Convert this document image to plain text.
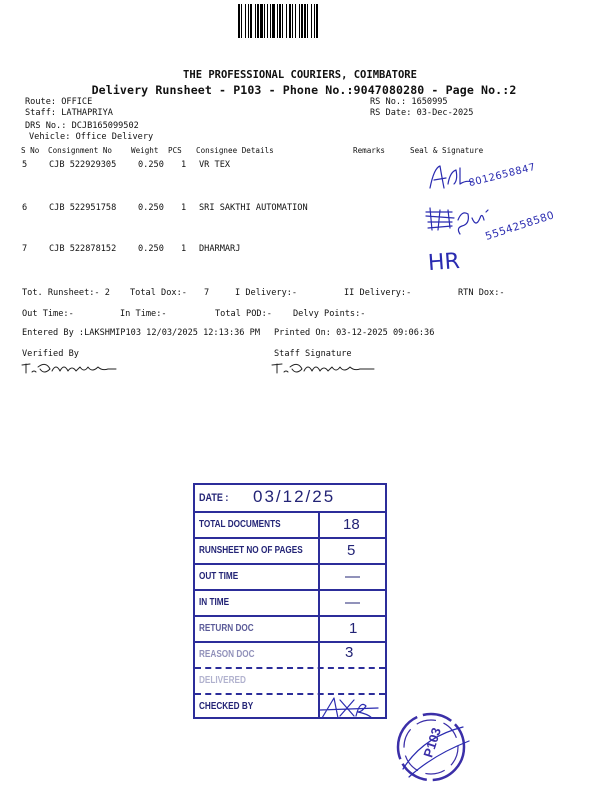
THE PROFESSIONAL COURIERS, COIMBATORE
Delivery Runsheet - P103 - Phone No.:9047080280 - Page No.:2
Route: OFFICE
Staff: LATHAPRIYA
DRS No.: DCJB165099502
Vehicle: Office Delivery
RS No.: 1650995
RS Date: 03-Dec-2025
S No Consignment No Weight PCS Consignee Details	Remarks	Seal & Signature
5	CJB 522929305	0.250 1 VR TEX
6	CJB 522951758	0.250 1 SRI SAKTHI AUTOMATION
7	CJB 522878152	0.250 1 DHARMARJ
Tot. Runsheet:- 2 Total Dox:- 7	I Delivery:-	II Delivery:-	RTN Dox:-
Out Time:-	In Time:-	Total POD:- Delvy Points:-
Entered By :LAKSHMIP103 12/03/2025 12:13:36 PM Printed On: 03-12-2025 09:06:36
Verified By	Staff Signature
8012658847
5554258580
HR
DATE : 03/12/25
TOTAL DOCUMENTS	18
RUNSHEET NO OF PAGES	5
OUT TIME	—
IN TIME	—
RETURN DOC	1
REASON DOC	3
DELIVERED
CHECKED BY
P103
